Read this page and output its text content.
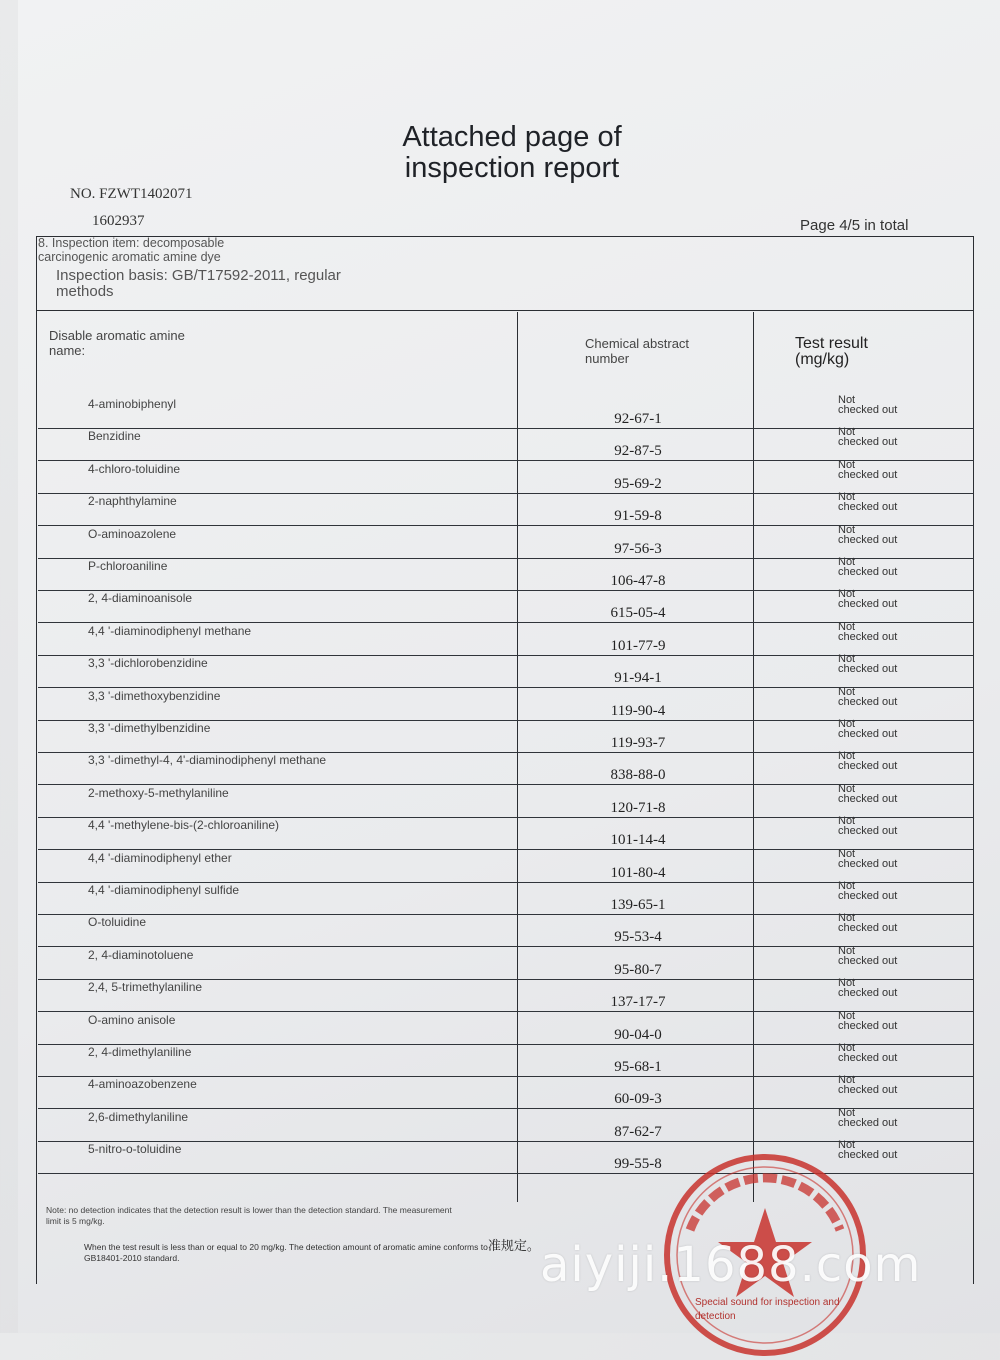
Attached page of
inspection report
NO. FZWT1402071
1602937	Page 4/5 in total
8. Inspection item: decomposable carcinogenic aromatic amine dye
Inspection basis: GB/T17592-2011, regular methods
Disable aromatic amine name:	Chemical abstract number
Test result (mg/kg)
4-aminobiphenyl
92-67-1
Not checked out
Benzidine
92-87-5
Not checked out
4-chloro-toluidine
95-69-2
Not checked out
2-naphthylamine
91-59-8
Not checked out
O-aminoazolene
97-56-3
Not checked out
P-chloroaniline
106-47-8
Not checked out
2, 4-diaminoanisole
615-05-4
Not checked out
4,4 '-diaminodiphenyl methane
101-77-9
Not checked out
3,3 '-dichlorobenzidine
91-94-1
Not checked out
3,3 '-dimethoxybenzidine
119-90-4
Not checked out
3,3 '-dimethylbenzidine
119-93-7
Not checked out
3,3 '-dimethyl-4, 4'-diaminodiphenyl methane
838-88-0
Not checked out
2-methoxy-5-methylaniline
120-71-8
Not checked out
4,4 '-methylene-bis-(2-chloroaniline)
101-14-4
Not checked out
4,4 '-diaminodiphenyl ether
101-80-4
Not checked out
4,4 '-diaminodiphenyl sulfide
139-65-1
Not checked out
O-toluidine
95-53-4
Not checked out
2, 4-diaminotoluene
95-80-7
Not checked out
2,4, 5-trimethylaniline
137-17-7
Not checked out
O-amino anisole
90-04-0
Not checked out
2, 4-dimethylaniline
95-68-1
Not checked out
4-aminoazobenzene
60-09-3
Not checked out
2,6-dimethylaniline
87-62-7
Not checked out
5-nitro-o-toluidine
99-55-8
Not checked out
Note: no detection indicates that the detection result is lower than the detection standard. The measurement limit is 5 mg/kg.
When the test result is less than or equal to 20 mg/kg. The detection amount of aromatic amine conforms to准规定。
GB18401-2010 standard.
Special sound for inspection and detection
aiyiji.1688.com
